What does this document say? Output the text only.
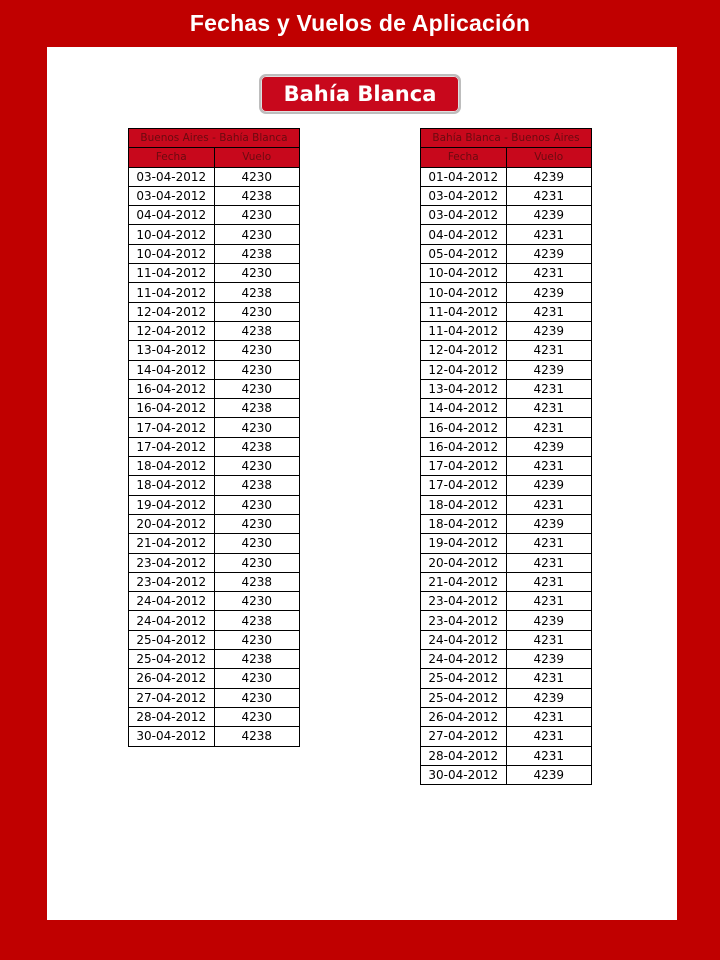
Fechas y Vuelos de Aplicación
Bahía Blanca
Buenos Aires - Bahía Blanca	
Fecha	Vuelo
03-04-2012	4230
03-04-2012	4238
04-04-2012	4230
10-04-2012	4230
10-04-2012	4238
11-04-2012	4230
11-04-2012	4238
12-04-2012	4230
12-04-2012	4238
13-04-2012	4230
14-04-2012	4230
16-04-2012	4230
16-04-2012	4238
17-04-2012	4230
17-04-2012	4238
18-04-2012	4230
18-04-2012	4238
19-04-2012	4230
20-04-2012	4230
21-04-2012	4230
23-04-2012	4230
23-04-2012	4238
24-04-2012	4230
24-04-2012	4238
25-04-2012	4230
25-04-2012	4238
26-04-2012	4230
27-04-2012	4230
28-04-2012	4230
30-04-2012	4238
Bahía Blanca - Buenos Aires	
Fecha	Vuelo
01-04-2012	4239
03-04-2012	4231
03-04-2012	4239
04-04-2012	4231
05-04-2012	4239
10-04-2012	4231
10-04-2012	4239
11-04-2012	4231
11-04-2012	4239
12-04-2012	4231
12-04-2012	4239
13-04-2012	4231
14-04-2012	4231
16-04-2012	4231
16-04-2012	4239
17-04-2012	4231
17-04-2012	4239
18-04-2012	4231
18-04-2012	4239
19-04-2012	4231
20-04-2012	4231
21-04-2012	4231
23-04-2012	4231
23-04-2012	4239
24-04-2012	4231
24-04-2012	4239
25-04-2012	4231
25-04-2012	4239
26-04-2012	4231
27-04-2012	4231
28-04-2012	4231
30-04-2012	4239
